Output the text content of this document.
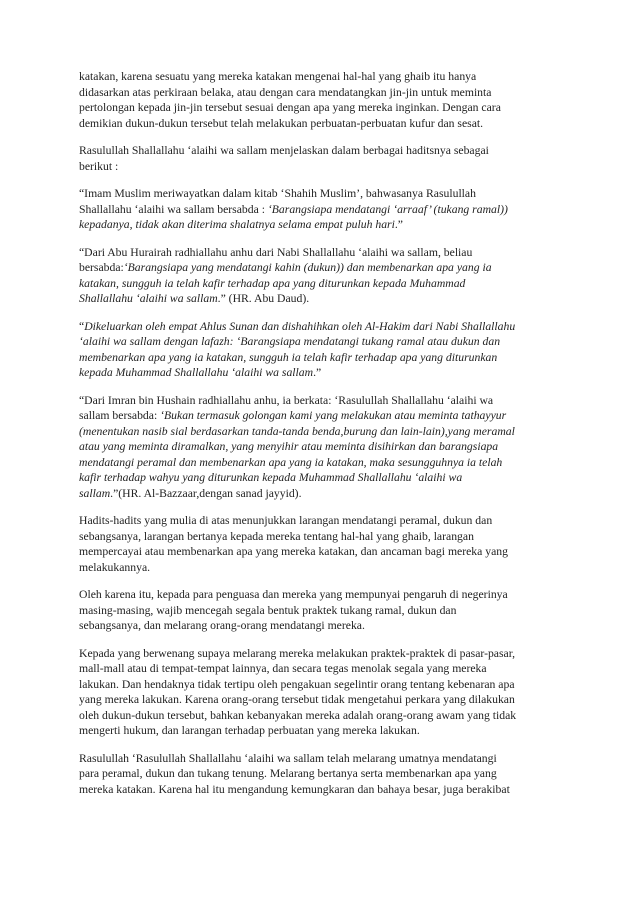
katakan, karena sesuatu yang mereka katakan mengenai hal-hal yang ghaib itu hanya
didasarkan atas perkiraan belaka, atau dengan cara mendatangkan jin-jin untuk meminta
pertolongan kepada jin-jin tersebut sesuai dengan apa yang mereka inginkan. Dengan cara
demikian dukun-dukun tersebut telah melakukan perbuatan-perbuatan kufur dan sesat.

Rasulullah Shallallahu ‘alaihi wa sallam menjelaskan dalam berbagai haditsnya sebagai
berikut :

“Imam Muslim meriwayatkan dalam kitab ‘Shahih Muslim’, bahwasanya Rasulullah
Shallallahu ‘alaihi wa sallam bersabda : ‘Barangsiapa mendatangi ‘arraaf’ (tukang ramal))
kepadanya, tidak akan diterima shalatnya selama empat puluh hari.”

“Dari Abu Hurairah radhiallahu anhu dari Nabi Shallallahu ‘alaihi wa sallam, beliau
bersabda:‘Barangsiapa yang mendatangi kahin (dukun)) dan membenarkan apa yang ia
katakan, sungguh ia telah kafir terhadap apa yang diturunkan kepada Muhammad
Shallallahu ‘alaihi wa sallam.” (HR. Abu Daud).

“Dikeluarkan oleh empat Ahlus Sunan dan dishahihkan oleh Al-Hakim dari Nabi Shallallahu
‘alaihi wa sallam dengan lafazh: ‘Barangsiapa mendatangi tukang ramal atau dukun dan
membenarkan apa yang ia katakan, sungguh ia telah kafir terhadap apa yang diturunkan
kepada Muhammad Shallallahu ‘alaihi wa sallam.”

“Dari Imran bin Hushain radhiallahu anhu, ia berkata: ‘Rasulullah Shallallahu ‘alaihi wa
sallam bersabda: ‘Bukan termasuk golongan kami yang melakukan atau meminta tathayyur
(menentukan nasib sial berdasarkan tanda-tanda benda,burung dan lain-lain),yang meramal
atau yang meminta diramalkan, yang menyihir atau meminta disihirkan dan barangsiapa
mendatangi peramal dan membenarkan apa yang ia katakan, maka sesungguhnya ia telah
kafir terhadap wahyu yang diturunkan kepada Muhammad Shallallahu ‘alaihi wa
sallam.”(HR. Al-Bazzaar,dengan sanad jayyid).

Hadits-hadits yang mulia di atas menunjukkan larangan mendatangi peramal, dukun dan
sebangsanya, larangan bertanya kepada mereka tentang hal-hal yang ghaib, larangan
mempercayai atau membenarkan apa yang mereka katakan, dan ancaman bagi mereka yang
melakukannya.

Oleh karena itu, kepada para penguasa dan mereka yang mempunyai pengaruh di negerinya
masing-masing, wajib mencegah segala bentuk praktek tukang ramal, dukun dan
sebangsanya, dan melarang orang-orang mendatangi mereka.

Kepada yang berwenang supaya melarang mereka melakukan praktek-praktek di pasar-pasar,
mall-mall atau di tempat-tempat lainnya, dan secara tegas menolak segala yang mereka
lakukan. Dan hendaknya tidak tertipu oleh pengakuan segelintir orang tentang kebenaran apa
yang mereka lakukan. Karena orang-orang tersebut tidak mengetahui perkara yang dilakukan
oleh dukun-dukun tersebut, bahkan kebanyakan mereka adalah orang-orang awam yang tidak
mengerti hukum, dan larangan terhadap perbuatan yang mereka lakukan.

Rasulullah ‘Rasulullah Shallallahu ‘alaihi wa sallam telah melarang umatnya mendatangi
para peramal, dukun dan tukang tenung. Melarang bertanya serta membenarkan apa yang
mereka katakan. Karena hal itu mengandung kemungkaran dan bahaya besar, juga berakibat
